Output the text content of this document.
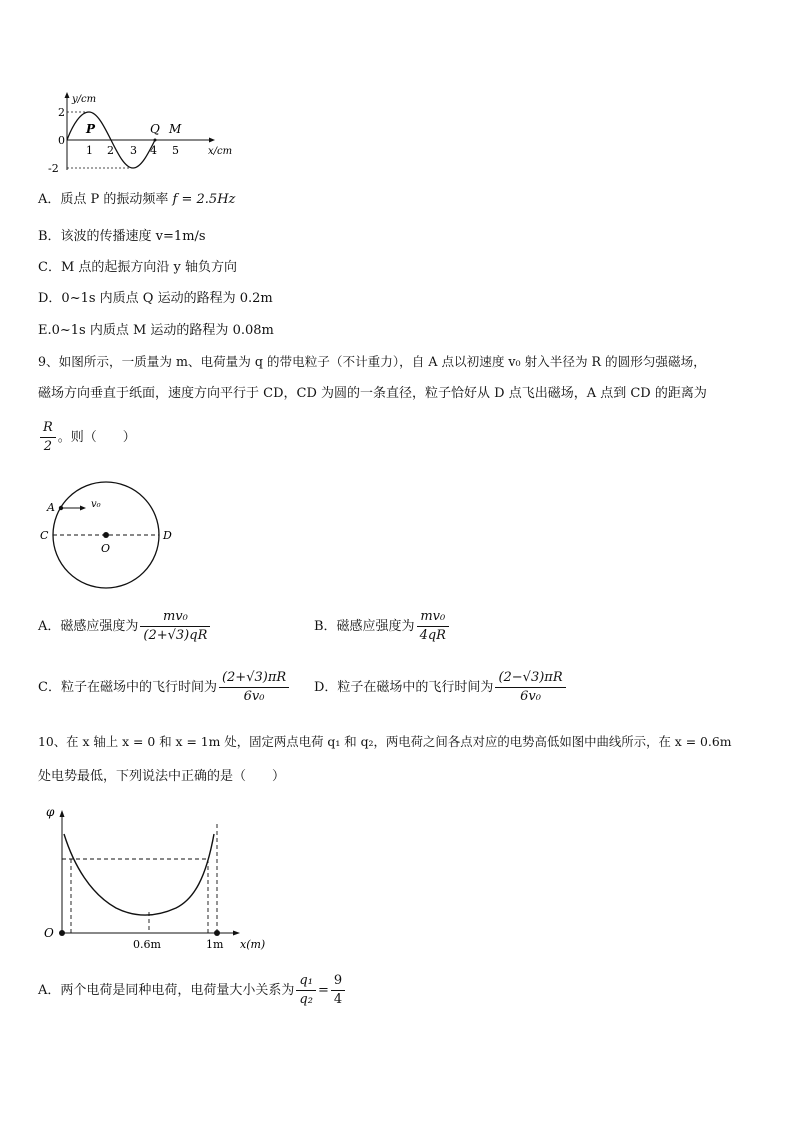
y/cm
2
0
-2
1 2 3 4 5	x/cm
P	Q M
A．质点 P 的振动频率 f = 2.5Hz
B．该波的传播速度 v=1m/s
C．M 点的起振方向沿 y 轴负方向
D．0~1s 内质点 Q 运动的路程为 0.2m
E.0~1s 内质点 M 运动的路程为 0.08m
9、如图所示，一质量为 m、电荷量为 q 的带电粒子（不计重力），自 A 点以初速度 v₀ 射入半径为 R 的圆形匀强磁场，
磁场方向垂直于纸面，速度方向平行于 CD，CD 为圆的一条直径，粒子恰好从 D 点飞出磁场，A 点到 CD 的距离为
$\frac{R}{2}$ 。则（　　）
A	v₀
C
O
D
A．磁感应强度为 $\frac{\text{mv₀}}{(2+√3)qR}$	B．磁感应强度为 $\frac{\text{mv₀}}{4qR}$
C．粒子在磁场中的飞行时间为 $\frac{(2+√3)\pi R}{\text{6v₀}}$ D．粒子在磁场中的飞行时间为 $\frac{(2-√3)\pi R}{\text{6v₀}}$
10、在 x 轴上 x = 0 和 x = 1m 处，固定两点电荷 q₁ 和 q₂，两电荷之间各点对应的电势高低如图中曲线所示，在 x = 0.6m
处电势最低，下列说法中正确的是（　　）
φ
O
0.6m	1m x(m)
A．两个电荷是同种电荷，电荷量大小关系为 $\frac{\text{q₁}}{\text{q₂}} = \frac{9}{4}$
